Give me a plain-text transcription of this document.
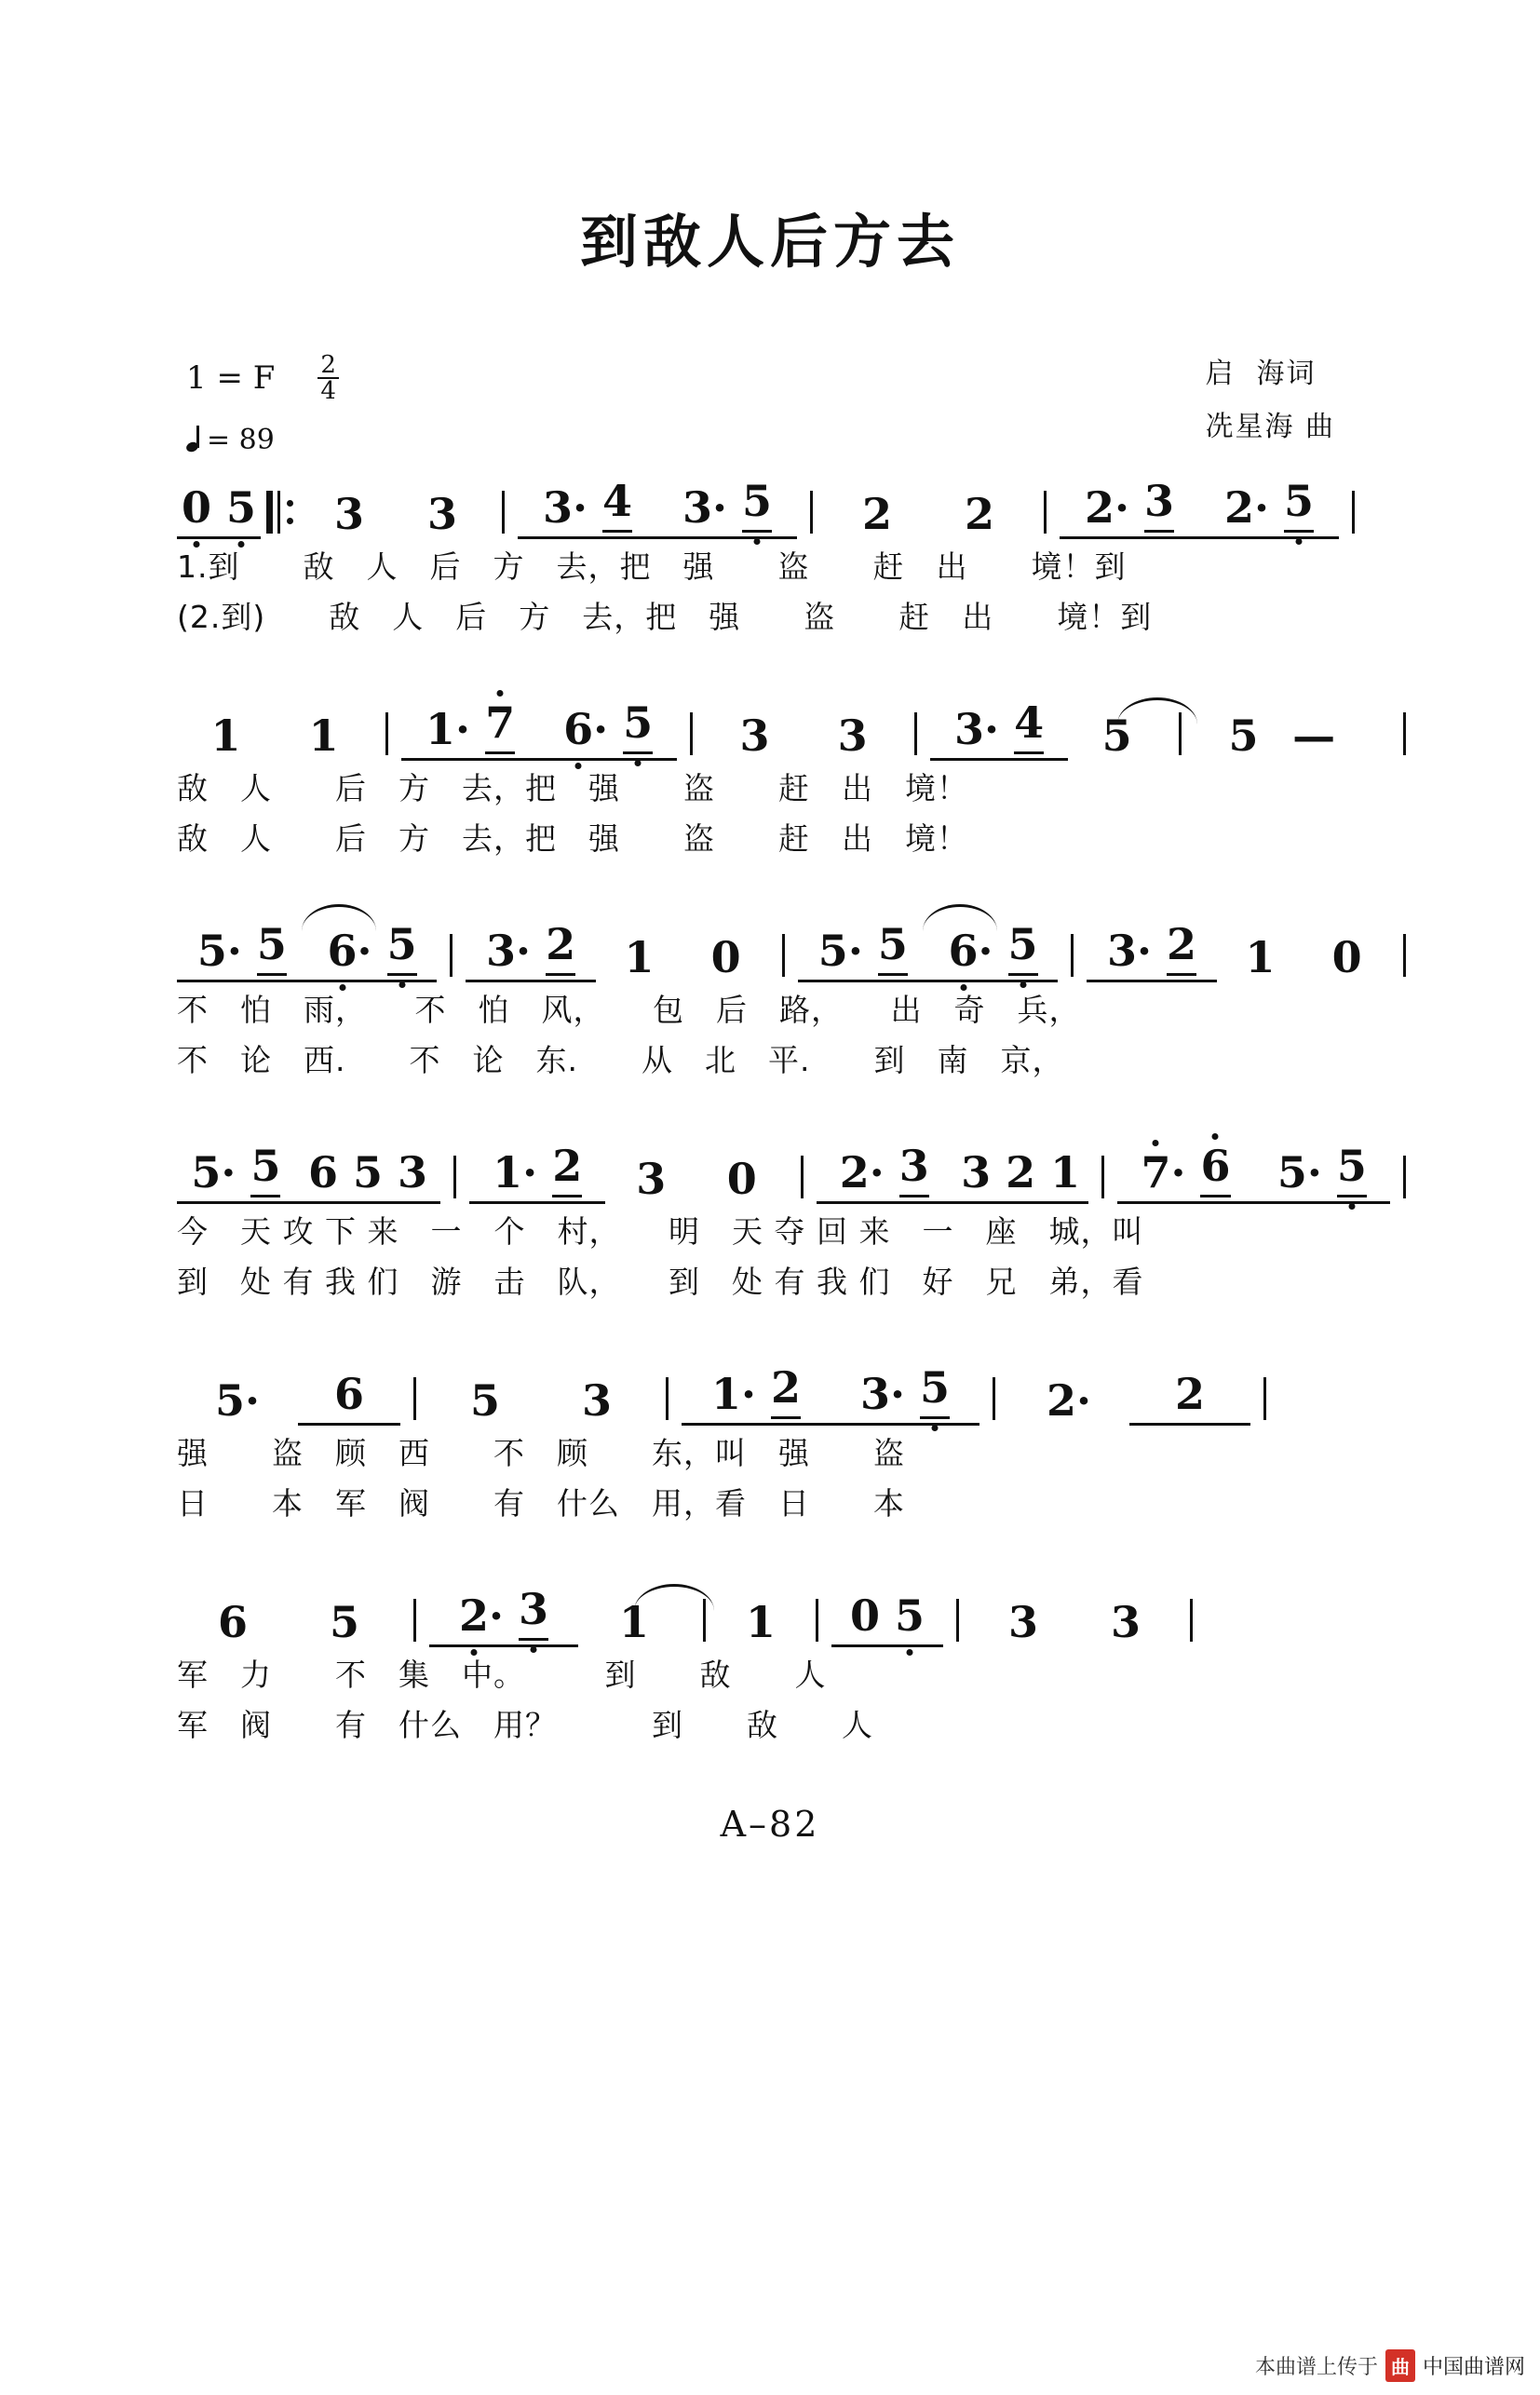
到敌人后方去
1 = F $\frac{2}{4}$
= 89
启  海词
冼星海 曲
0
5	3	3	3 · 4 3 · 5	2	2	2 · 3 2 · 5
1.到　　敌　人　后　方　去，把　强　　盗　　赶　出　　境！到
(2.到)　　敌　人　后　方　去，把　强　　盗　　赶　出　　境！到
1	1	1 · 7 6 · 5	3	3	3 · 4	5	5 —
敌　人　　后　方　去，把　强　　盗　　赶　出　境！
敌　人　　后　方　去，把　强　　盗　　赶　出　境！
5 · 5 6 · 5 3 · 2	1	0	5 · 5 6 · 5 3 · 2	1	0
不　怕　雨，　　不　怕　风，　　包　后　路，　　出　奇　兵，
不　论　西.　　不　论　东.　　从　北　平.　　到　南　京，
5 · 5 6
5
3 1 · 2	3	0	2 · 3 3
2
1 7 · 6 5 · 5
今　天 攻 下 来　一　个　村，　　明　天 夺 回 来　一　座　城，叫
到　处 有 我 们　游　击　队，　　到　处 有 我 们　好　兄　弟，看
5·	6	5	3	1 · 2 3 · 5	2·	2
强　　盗　顾　西　　不　顾　　东，叫　强　　盗
日　　本　军　阀　　有　什么　用，看　日　　本
6	5	2 · 3	1	1	0
5	3	3
军　力　　不　集　中。　　　到　　敌　　人
军　阀　　有　什么　用？　　　到　　敌　　人
A–82
本曲谱上传于 曲 中国曲谱网
